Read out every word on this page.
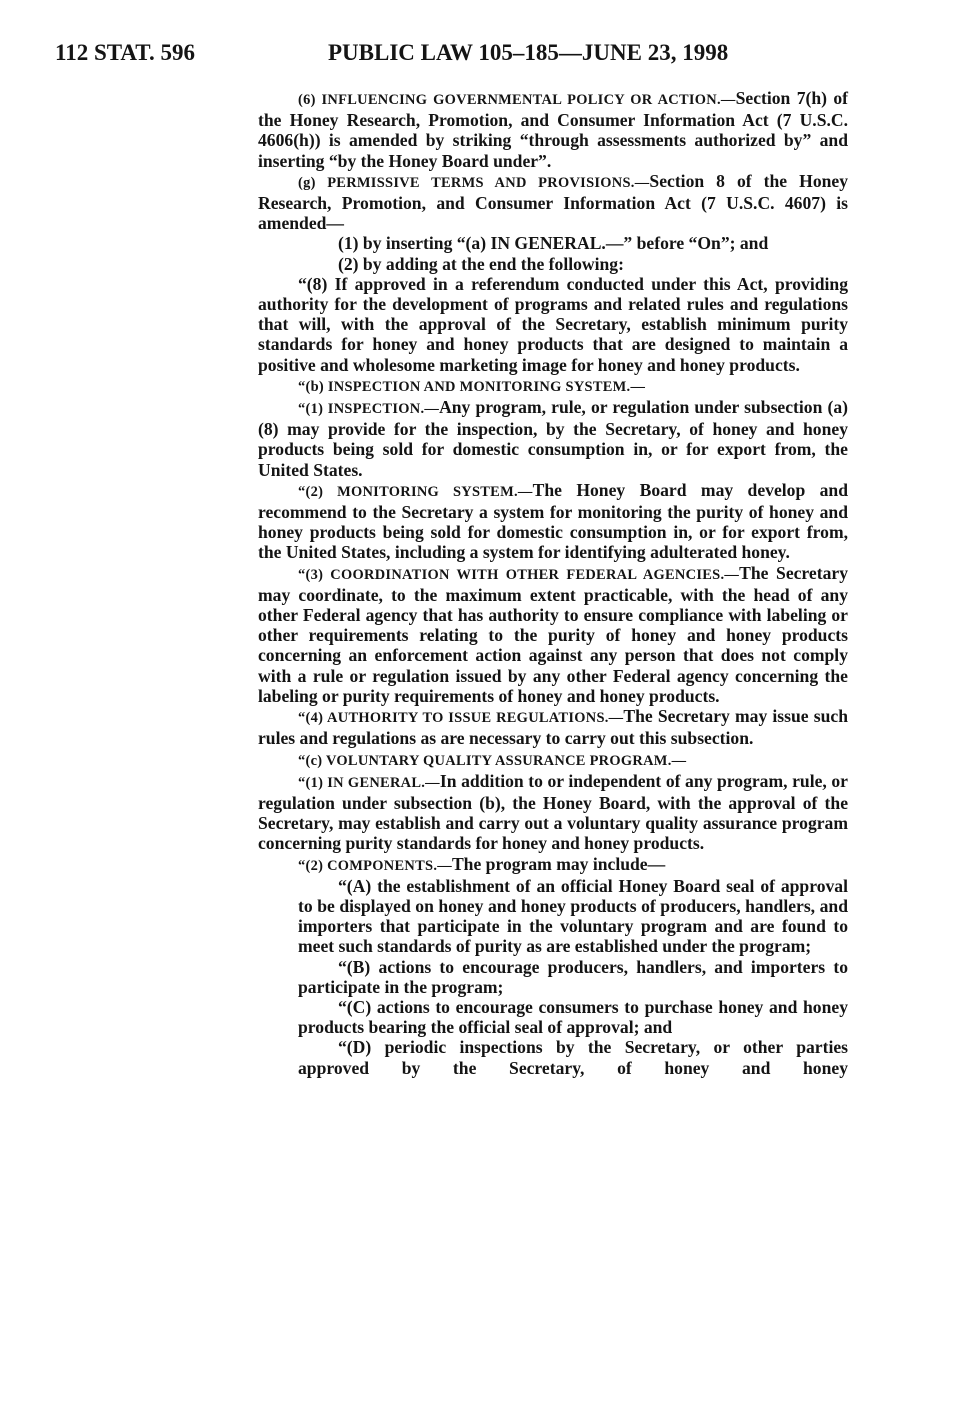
112 STAT. 596	PUBLIC LAW 105–185—JUNE 23, 1998

(6) INFLUENCING GOVERNMENTAL POLICY OR ACTION.—Section 7(h) of the Honey Research, Promotion, and Consumer Information Act (7 U.S.C. 4606(h)) is amended by striking “through assessments authorized by” and inserting “by the Honey Board under”.

(g) PERMISSIVE TERMS AND PROVISIONS.—Section 8 of the Honey Research, Promotion, and Consumer Information Act (7 U.S.C. 4607) is amended—

(1) by inserting “(a) IN GENERAL.—” before “On”; and

(2) by adding at the end the following:

“(8) If approved in a referendum conducted under this Act, providing authority for the development of programs and related rules and regulations that will, with the approval of the Secretary, establish minimum purity standards for honey and honey products that are designed to maintain a positive and wholesome marketing image for honey and honey products.

“(b) INSPECTION AND MONITORING SYSTEM.—

“(1) INSPECTION.—Any program, rule, or regulation under subsection (a)(8) may provide for the inspection, by the Secretary, of honey and honey products being sold for domestic consumption in, or for export from, the United States.

“(2) MONITORING SYSTEM.—The Honey Board may develop and recommend to the Secretary a system for monitoring the purity of honey and honey products being sold for domestic consumption in, or for export from, the United States, including a system for identifying adulterated honey.

“(3) COORDINATION WITH OTHER FEDERAL AGENCIES.—The Secretary may coordinate, to the maximum extent practicable, with the head of any other Federal agency that has authority to ensure compliance with labeling or other requirements relating to the purity of honey and honey products concerning an enforcement action against any person that does not comply with a rule or regulation issued by any other Federal agency concerning the labeling or purity requirements of honey and honey products.

“(4) AUTHORITY TO ISSUE REGULATIONS.—The Secretary may issue such rules and regulations as are necessary to carry out this subsection.

“(c) VOLUNTARY QUALITY ASSURANCE PROGRAM.—

“(1) IN GENERAL.—In addition to or independent of any program, rule, or regulation under subsection (b), the Honey Board, with the approval of the Secretary, may establish and carry out a voluntary quality assurance program concerning purity standards for honey and honey products.

“(2) COMPONENTS.—The program may include—

“(A) the establishment of an official Honey Board seal of approval to be displayed on honey and honey products of producers, handlers, and importers that participate in the voluntary program and are found to meet such standards of purity as are established under the program;

“(B) actions to encourage producers, handlers, and importers to participate in the program;

“(C) actions to encourage consumers to purchase honey and honey products bearing the official seal of approval; and

“(D) periodic inspections by the Secretary, or other parties approved by the Secretary, of honey and honey
